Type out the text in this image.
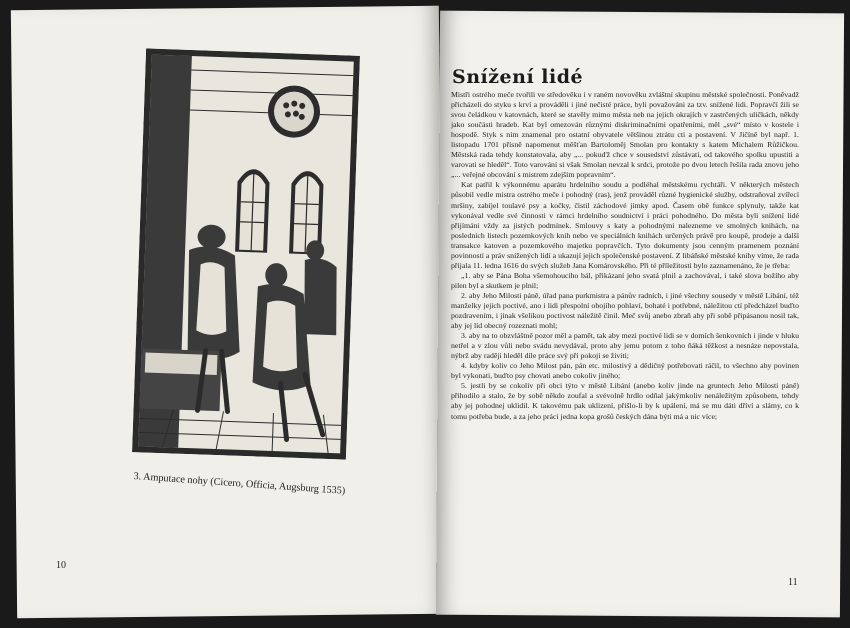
3. Amputace nohy (Cicero, Officia, Augsburg 1535)
10
Snížení lidé

Mistři ostrého meče tvořili ve středověku i v raném novověku zvláštní skupinu městské společnosti. Poněvadž přicházeli do styku s krví a prováděli i jiné nečisté práce, byli považováni za tzv. snížené lidi. Popravčí žili se svou čeládkou v katovnách, které se stavěly mimo města neb na jejich okrajích v zastrčených uličkách, někdy jako součásti hradeb. Kat byl omezován různými diskriminačními opatřeními, měl „své“ místo v kostele i hospodě. Styk s ním znamenal pro ostatní obyvatele většinou ztrátu cti a postavení. V Jičíně byl např. 1. listopadu 1701 přísně napomenut měšťan Bartoloměj Smolan pro kontakty s katem Michalem Růžičkou. Městská rada tehdy konstatovala, aby „... pokuďž chce v sousedství zůstávati, od takového spolku upustiti a varovati se hleděl“. Toto varování si však Smolan nevzal k srdci, protože po dvou letech řešila rada znovu jeho „... veřejné obcování s mistrem zdejším popravním“.

Kat patřil k výkonnému aparátu hrdelního soudu a podléhal městskému rychtáři. V některých městech působil vedle mistra ostrého meče i pohodný (ras), jenž prováděl různé hygienické služby, odstraňoval zvířecí mršiny, zabíjel toulavé psy a kočky, čistil záchodové jímky apod. Časem obě funkce splynuly, takže kat vykonával vedle své činnosti v rámci hrdelního soudnictví i práci pohodného. Do města byli snížení lidé přijímáni vždy za jistých podmínek. Smlouvy s katy a pohodnými nalezneme ve smolných knihách, na posledních listech pozemkových knih nebo ve speciálních knihách určených právě pro koupě, prodeje a další transakce katoven a pozemkového majetku popravčích. Tyto dokumenty jsou cenným pramenem poznání povinností a práv snížených lidí a ukazují jejich společenské postavení. Z libáňské městské knihy víme, že rada přijala 11. ledna 1616 do svých služeb Jana Komárovského. Při té příležitosti bylo zaznamenáno, že je třeba:

„1. aby se Pána Boha všemohoucího bál, přikázaní jeho svatá plnil a zachovával, i také slova božího aby pilen byl a skutkem je plnil;

2. aby Jeho Milosti páně, úřad pana purkmistra a pánův radních, i jiné všechny sousedy v městě Libání, též manželky jejich poctivé, ano i lidi přespolní obojího pohlaví, bohaté i potřebné, náležitou ctí předcházel buďto pozdravením, i jinak všelikou poctivost náležitě činil. Meč svůj anebo zbraň aby při sobě připásanou nosil tak, aby jej líd obecný rozeznati mohl;

3. aby na to obzvláštně pozor měl a pamět, tak aby mezi poctivé lidi se v domích šenkovních i jinde v hluku netřel a v zlou vůli nebo svádu nevydával, proto aby jemu potom z toho ňáká těžkost a nesnáze nepovstala, nýbrž aby raději hleděl díle práce svý při pokoji se živiti;

4. kdyby koliv co Jeho Milost pán, pán etc. milostivý a dědičný potřebovati ráčil, to všechno aby povinen byl vykonati, buďto psy chovati anebo cokoliv jiného;

5. jestli by se cokoliv při obci týto v městě Libání (anebo koliv jinde na gruntech Jeho Milosti páně) přihodilo a stalo, že by sobě někdo zoufal a svévolně hrdlo odňal jakýmkoliv nenáležitým způsobem, tehdy aby jej pohodnej uklidil. K takovému pak uklizení, přišlo-li by k upálení, má se mu dáti dříví a slámy, co k tomu potřeba bude, a za jeho práci jedna kopa grošů českých dána býti má a nic více;

11
